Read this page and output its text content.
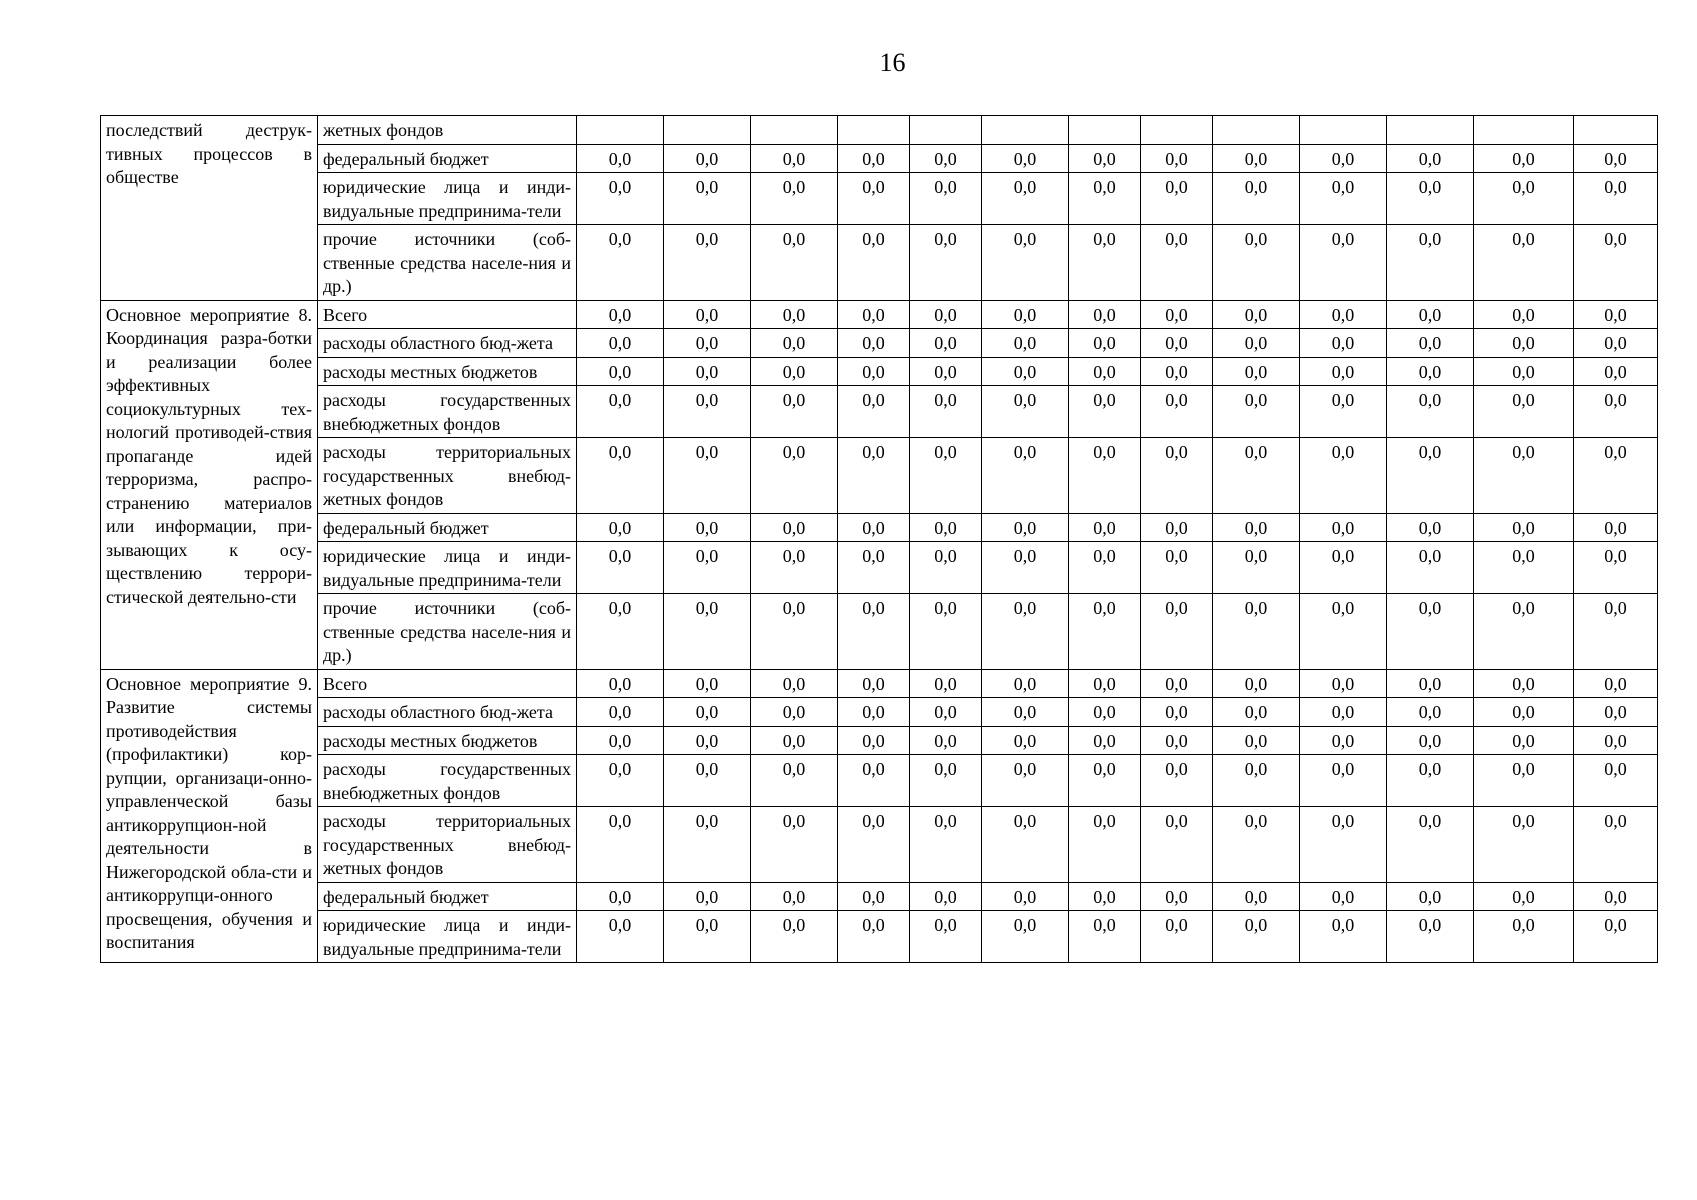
16
последствий деструк-тивных процессов в обществе	жетных фондов													
	федеральный бюджет	0,0	0,0	0,0	0,0	0,0	0,0	0,0	0,0	0,0	0,0	0,0	0,0	0,0
	юридические лица и инди-видуальные предпринима-тели	0,0	0,0	0,0	0,0	0,0	0,0	0,0	0,0	0,0	0,0	0,0	0,0	0,0
	прочие источники (соб-ственные средства населе-ния и др.)	0,0	0,0	0,0	0,0	0,0	0,0	0,0	0,0	0,0	0,0	0,0	0,0	0,0
Основное мероприятие 8. Координация разра-ботки и реализации более эффективных социокультурных тех-нологий противодей-ствия пропаганде идей терроризма, распро-странению материалов или информации, при-зывающих к осу-ществлению террори-стической деятельно-сти	Всего	0,0	0,0	0,0	0,0	0,0	0,0	0,0	0,0	0,0	0,0	0,0	0,0	0,0
	расходы областного бюд-жета	0,0	0,0	0,0	0,0	0,0	0,0	0,0	0,0	0,0	0,0	0,0	0,0	0,0
	расходы местных бюджетов	0,0	0,0	0,0	0,0	0,0	0,0	0,0	0,0	0,0	0,0	0,0	0,0	0,0
	расходы государственных внебюджетных фондов	0,0	0,0	0,0	0,0	0,0	0,0	0,0	0,0	0,0	0,0	0,0	0,0	0,0
	расходы территориальных государственных внебюд-жетных фондов	0,0	0,0	0,0	0,0	0,0	0,0	0,0	0,0	0,0	0,0	0,0	0,0	0,0
	федеральный бюджет	0,0	0,0	0,0	0,0	0,0	0,0	0,0	0,0	0,0	0,0	0,0	0,0	0,0
	юридические лица и инди-видуальные предпринима-тели	0,0	0,0	0,0	0,0	0,0	0,0	0,0	0,0	0,0	0,0	0,0	0,0	0,0
	прочие источники (соб-ственные средства населе-ния и др.)	0,0	0,0	0,0	0,0	0,0	0,0	0,0	0,0	0,0	0,0	0,0	0,0	0,0
Основное мероприятие 9. Развитие системы противодействия (профилактики) кор-рупции, организаци-онно-управленческой базы антикоррупцион-ной деятельности в Нижегородской обла-сти и антикоррупци-онного просвещения, обучения и воспитания	Всего	0,0	0,0	0,0	0,0	0,0	0,0	0,0	0,0	0,0	0,0	0,0	0,0	0,0
	расходы областного бюд-жета	0,0	0,0	0,0	0,0	0,0	0,0	0,0	0,0	0,0	0,0	0,0	0,0	0,0
	расходы местных бюджетов	0,0	0,0	0,0	0,0	0,0	0,0	0,0	0,0	0,0	0,0	0,0	0,0	0,0
	расходы государственных внебюджетных фондов	0,0	0,0	0,0	0,0	0,0	0,0	0,0	0,0	0,0	0,0	0,0	0,0	0,0
	расходы территориальных государственных внебюд-жетных фондов	0,0	0,0	0,0	0,0	0,0	0,0	0,0	0,0	0,0	0,0	0,0	0,0	0,0
	федеральный бюджет	0,0	0,0	0,0	0,0	0,0	0,0	0,0	0,0	0,0	0,0	0,0	0,0	0,0
	юридические лица и инди-видуальные предпринима-тели	0,0	0,0	0,0	0,0	0,0	0,0	0,0	0,0	0,0	0,0	0,0	0,0	0,0
